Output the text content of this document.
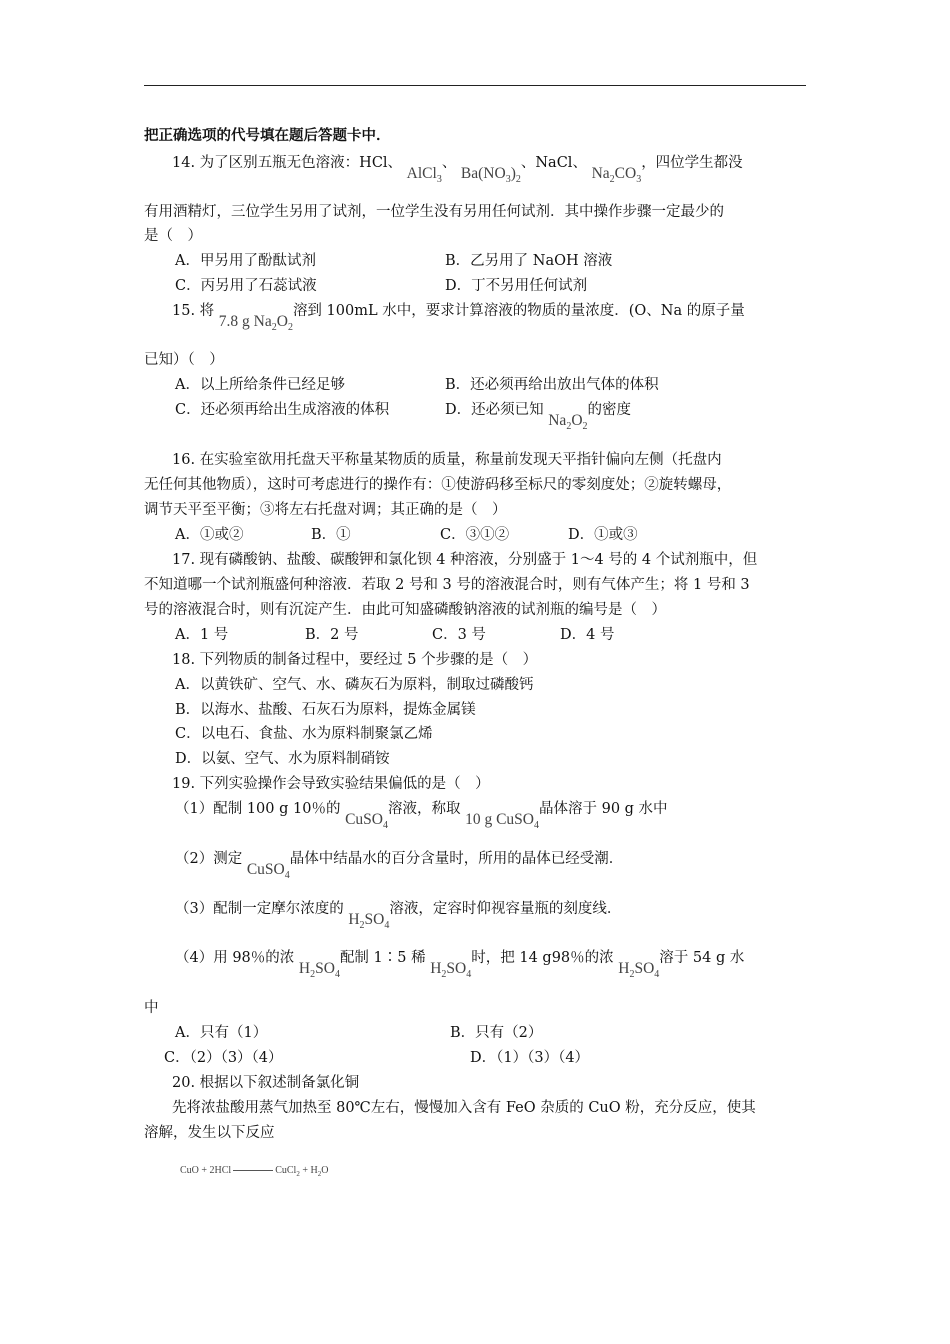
把正确选项的代号填在题后答题卡中．
14. 为了区别五瓶无色溶液：HCl、 AlCl$_3$、 $Ba(NO_3)_2$、NaCl、 $Na_2CO_3$，四位学生都没
有用酒精灯，三位学生另用了试剂，一位学生没有另用任何试剂．其中操作步骤一定最少的
是（　）
A．甲另用了酚酞试剂	B．乙另用了 NaOH 溶液
C．丙另用了石蕊试液	D．丁不另用任何试剂
15. 将 7.8 g $Na_2O_2$溶到 100mL 水中，要求计算溶液的物质的量浓度．(O、Na 的原子量
已知）（　）
A．以上所给条件已经足够	B．还必须再给出放出气体的体积
C．还必须再给出生成溶液的体积	D．还必须已知 $Na_2O_2$的密度
16. 在实验室欲用托盘天平称量某物质的质量，称量前发现天平指针偏向左侧（托盘内
无任何其他物质），这时可考虑进行的操作有：①使游码移至标尺的零刻度处；②旋转螺母，
调节天平至平衡；③将左右托盘对调；其正确的是（　）
A．①或②	B．①	C．③①②	D．①或③
17. 现有磷酸钠、盐酸、碳酸钾和氯化钡 4 种溶液，分别盛于 1～4 号的 4 个试剂瓶中，但
不知道哪一个试剂瓶盛何种溶液．若取 2 号和 3 号的溶液混合时，则有气体产生；将 1 号和 3
号的溶液混合时，则有沉淀产生．由此可知盛磷酸钠溶液的试剂瓶的编号是（　）
A．1 号	B．2 号	C．3 号	D．4 号
18. 下列物质的制备过程中，要经过 5 个步骤的是（　）
A．以黄铁矿、空气、水、磷灰石为原料，制取过磷酸钙
B．以海水、盐酸、石灰石为原料，提炼金属镁
C．以电石、食盐、水为原料制聚氯乙烯
D．以氨、空气、水为原料制硝铵
19. 下列实验操作会导致实验结果偏低的是（　）
（1）配制 100 g 10％的 CuSO$_4$溶液，称取 10 g CuSO$_4$晶体溶于 90 g 水中
（2）测定 CuSO$_4$晶体中结晶水的百分含量时，所用的晶体已经受潮．
（3）配制一定摩尔浓度的 $H_2SO_4$溶液，定容时仰视容量瓶的刻度线．
（4）用 98％的浓 $H_2SO_4$配制 1∶5 稀 $H_2SO_4$时，把 14 g98％的浓 $H_2SO_4$溶于 54 g 水
中
A．只有（1）	B．只有（2）
C．（2）（3）（4）	D．（1）（3）（4）
20. 根据以下叙述制备氯化铜
先将浓盐酸用蒸气加热至 80℃左右，慢慢加入含有 FeO 杂质的 CuO 粉，充分反应，使其
溶解，发生以下反应
CuO + 2HCl	CuCl$_2$ + $H_2O$
